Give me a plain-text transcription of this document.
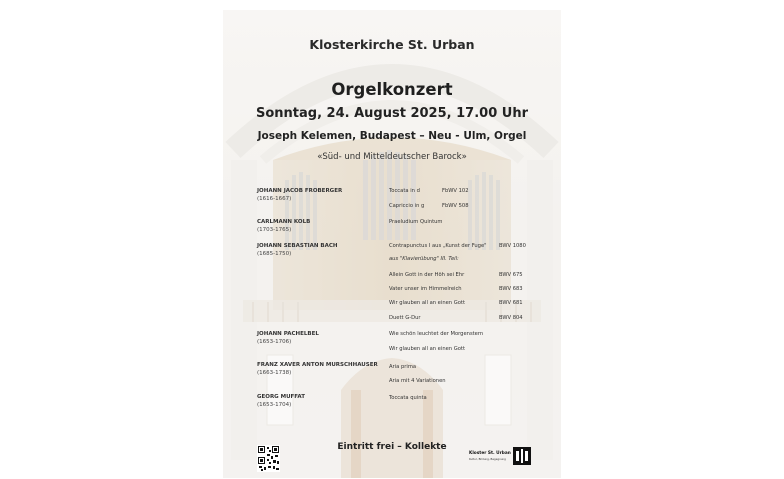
Klosterkirche St. Urban
Orgelkonzert
Sonntag, 24. August 2025, 17.00 Uhr
Joseph Kelemen, Budapest – Neu - Ulm, Orgel
«Süd- und Mitteldeutscher Barock»
JOHANN JACOB FROBERGER
(1616-1667)
Toccata in d	FbWV 102
Capriccio in g	FbWV 508
CARLMANN KOLB
(1703-1765)
Praeludium Quintum
JOHANN SEBASTIAN BACH
(1685-1750)
Contrapunctus I aus „Kunst der Fuge" BWV 1080
aus "Klavierübung" III. Teil:
Allein Gott in der Höh sei Ehr	BWV 675
Vater unser im Himmelreich	BWV 683
Wir glauben all an einen Gott	BWV 681
Duett G-Dur	BWV 804
JOHANN PACHELBEL
(1653-1706)
Wie schön leuchtet der Morgenstern
Wir glauben all an einen Gott
FRANZ XAVER ANTON MURSCHHAUSER
(1663-1738)
Aria prima
Aria mit 4 Variationen
GEORG MUFFAT
(1653-1704)
Toccata quinta
Eintritt frei – Kollekte
Kloster St. Urban
Kultur, Bildung, Begegnung
